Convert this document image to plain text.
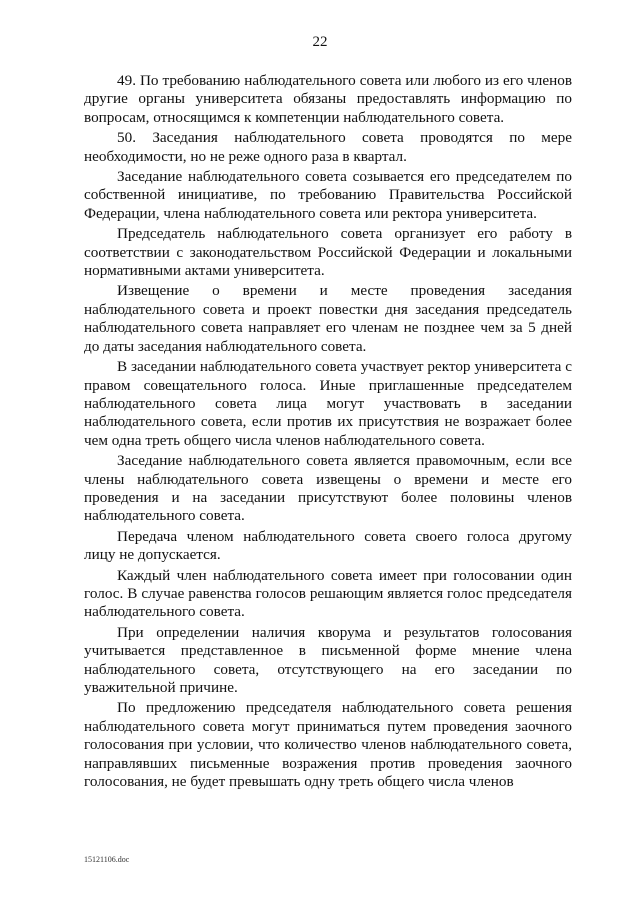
22

49. По требованию наблюдательного совета или любого из его членов другие органы университета обязаны предоставлять информацию по вопросам, относящимся к компетенции наблюдательного совета.

50. Заседания наблюдательного совета проводятся по мере необходимости, но не реже одного раза в квартал.

Заседание наблюдательного совета созывается его председателем по собственной инициативе, по требованию Правительства Российской Федерации, члена наблюдательного совета или ректора университета.

Председатель наблюдательного совета организует его работу в соответствии с законодательством Российской Федерации и локальными нормативными актами университета.

Извещение о времени и месте проведения заседания наблюдательного совета и проект повестки дня заседания председатель наблюдательного совета направляет его членам не позднее чем за 5 дней до даты заседания наблюдательного совета.

В заседании наблюдательного совета участвует ректор университета с правом совещательного голоса. Иные приглашенные председателем наблюдательного совета лица могут участвовать в заседании наблюдательного совета, если против их присутствия не возражает более чем одна треть общего числа членов наблюдательного совета.

Заседание наблюдательного совета является правомочным, если все члены наблюдательного совета извещены о времени и месте его проведения и на заседании присутствуют более половины членов наблюдательного совета.

Передача членом наблюдательного совета своего голоса другому лицу не допускается.

Каждый член наблюдательного совета имеет при голосовании один голос. В случае равенства голосов решающим является голос председателя наблюдательного совета.

При определении наличия кворума и результатов голосования учитывается представленное в письменной форме мнение члена наблюдательного совета, отсутствующего на его заседании по уважительной причине.

По предложению председателя наблюдательного совета решения наблюдательного совета могут приниматься путем проведения заочного голосования при условии, что количество членов наблюдательного совета, направлявших письменные возражения против проведения заочного голосования, не будет превышать одну треть общего числа членов

15121106.doc
